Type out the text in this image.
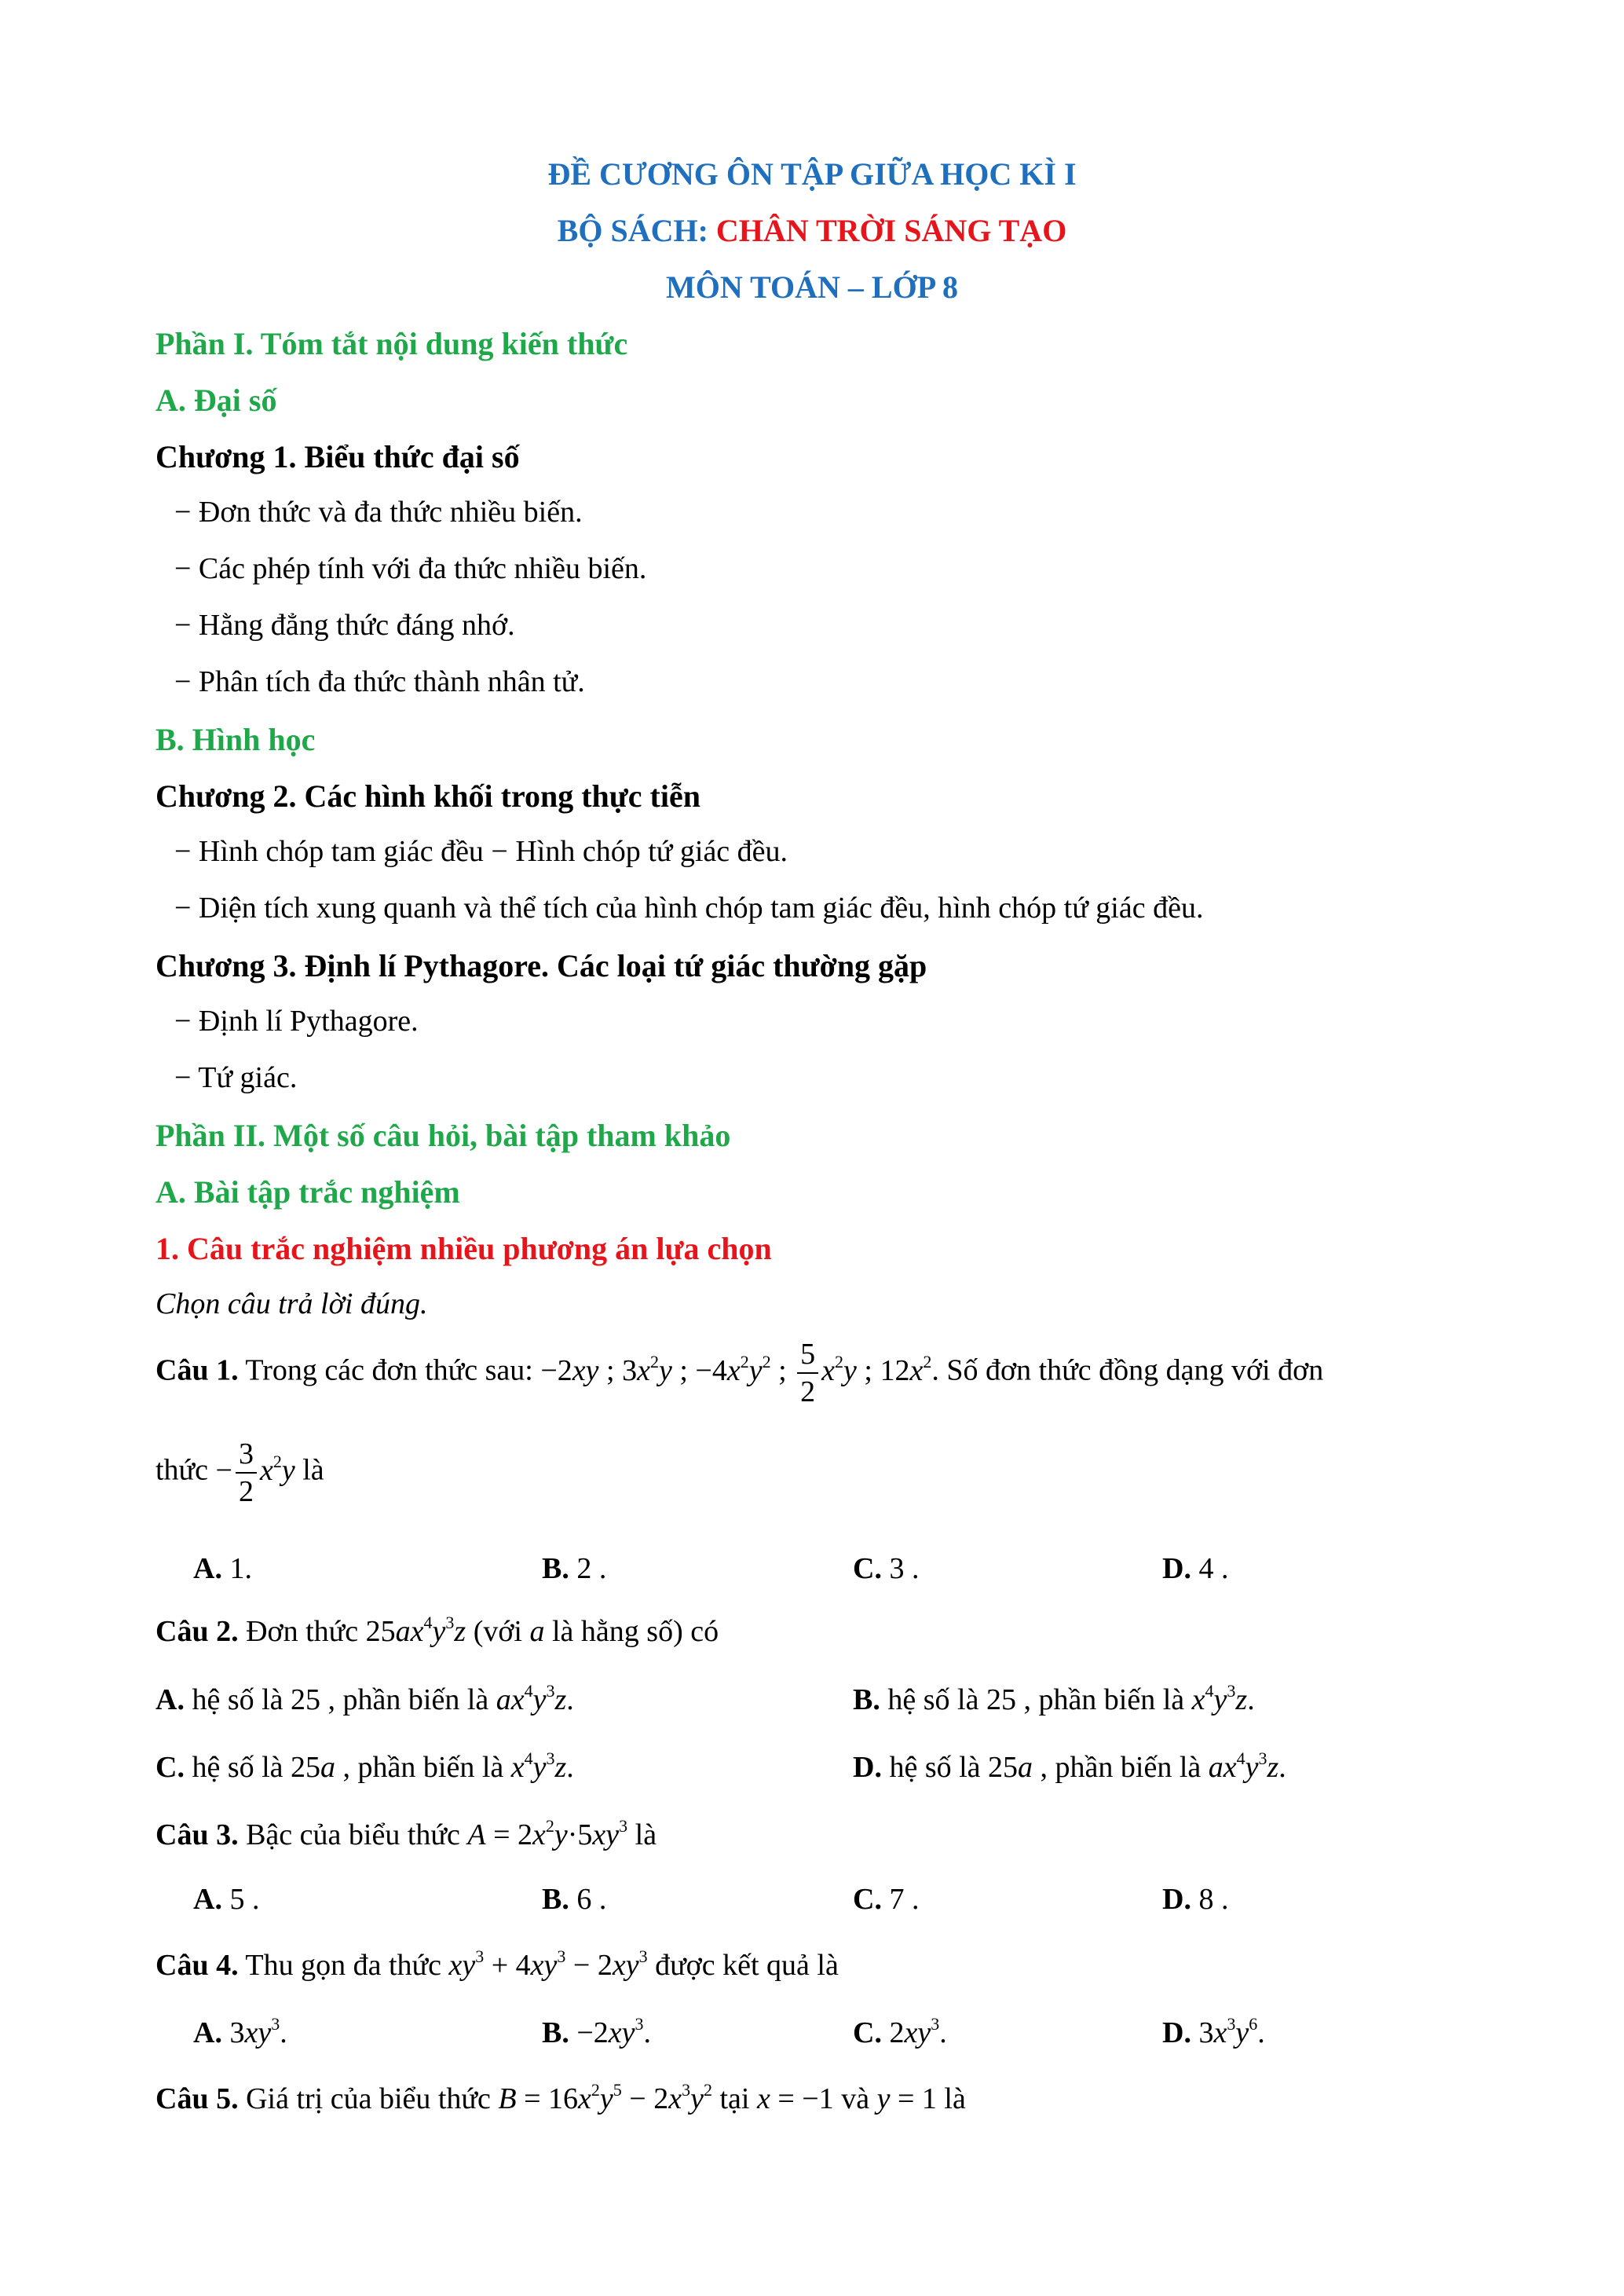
ĐỀ CƯƠNG ÔN TẬP GIỮA HỌC KÌ I
BỘ SÁCH: CHÂN TRỜI SÁNG TẠO
MÔN TOÁN – LỚP 8
Phần I. Tóm tắt nội dung kiến thức
A. Đại số
Chương 1. Biểu thức đại số
− Đơn thức và đa thức nhiều biến.
− Các phép tính với đa thức nhiều biến.
− Hằng đẳng thức đáng nhớ.
− Phân tích đa thức thành nhân tử.
B. Hình học
Chương 2. Các hình khối trong thực tiễn
− Hình chóp tam giác đều − Hình chóp tứ giác đều.
− Diện tích xung quanh và thể tích của hình chóp tam giác đều, hình chóp tứ giác đều.
Chương 3. Định lí Pythagore. Các loại tứ giác thường gặp
− Định lí Pythagore.
− Tứ giác.
Phần II. Một số câu hỏi, bài tập tham khảo
A. Bài tập trắc nghiệm
1. Câu trắc nghiệm nhiều phương án lựa chọn
Chọn câu trả lời đúng.
Câu 1. Trong các đơn thức sau: −2xy ; $3x^2y$ ; $-4x^2y^2$ ; $\frac{5}{2} x^2y$ ; $12x^2$. Số đơn thức đồng dạng với đơn
thức − $\frac{3}{2} x^2y$ là
A. 1.	B. 2 .	C. 3 .	D. 4 .
Câu 2. Đơn thức $25ax^4y^3z$ (với a là hằng số) có
A. hệ số là 25 , phần biến là $ax^4y^3z$.	B. hệ số là 25 , phần biến là $x^4y^3z$.
C. hệ số là 25a , phần biến là $x^4y^3z$.	D. hệ số là 25a , phần biến là $ax^4y^3z$.
Câu 3. Bậc của biểu thức $A = 2x^2y\cdot 5xy^3$ là
A. 5 .	B. 6 .	C. 7 .	D. 8 .
Câu 4. Thu gọn đa thức $xy^3 + 4xy^3 - 2xy^3$ được kết quả là
A. $3xy^3$.	B. $-2xy^3$.	C. $2xy^3$.	D. $3x^3y^6$.
Câu 5. Giá trị của biểu thức $B = 16x^2y^5 - 2x^3y^2$ tại x = −1 và y = 1 là
